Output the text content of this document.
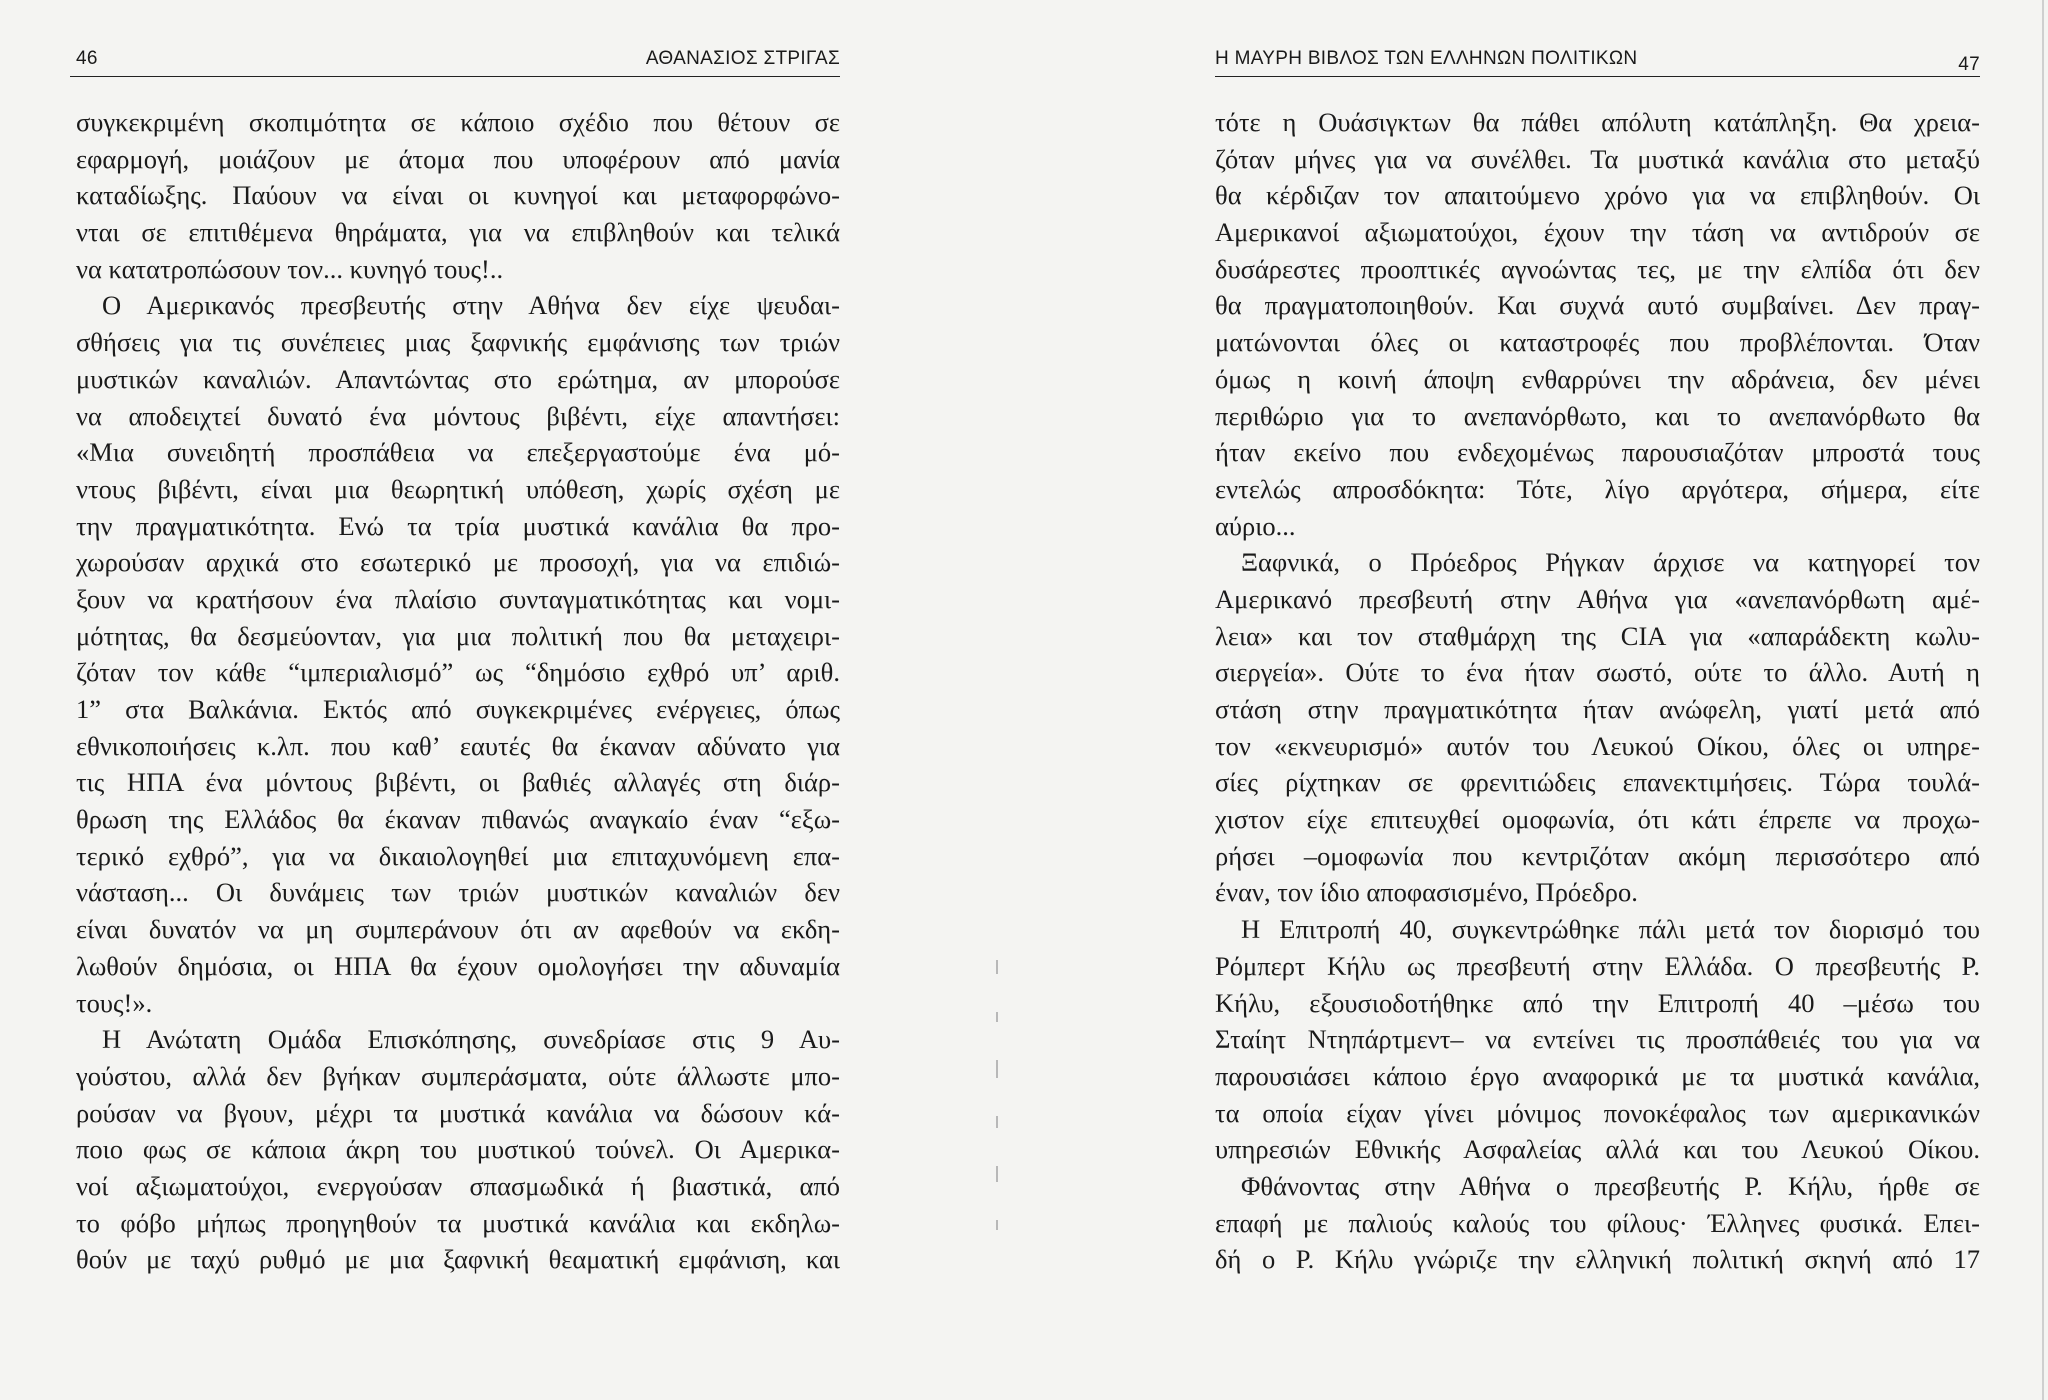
46	ΑΘΑΝΑΣΙΟΣ ΣΤΡΙΓΑΣ
συγκεκριμένη σκοπιμότητα σε κάποιο σχέδιο που θέτουν σε
εφαρμογή, μοιάζουν με άτομα που υποφέρουν από μανία
καταδίωξης. Παύουν να είναι οι κυνηγοί και μεταφορφώνο-
νται σε επιτιθέμενα θηράματα, για να επιβληθούν και τελικά
να κατατροπώσουν τον... κυνηγό τους!..
Ο Αμερικανός πρεσβευτής στην Αθήνα δεν είχε ψευδαι-
σθήσεις για τις συνέπειες μιας ξαφνικής εμφάνισης των τριών
μυστικών καναλιών. Απαντώντας στο ερώτημα, αν μπορούσε
να αποδειχτεί δυνατό ένα μόντους βιβέντι, είχε απαντήσει:
«Μια συνειδητή προσπάθεια να επεξεργαστούμε ένα μό-
ντους βιβέντι, είναι μια θεωρητική υπόθεση, χωρίς σχέση με
την πραγματικότητα. Ενώ τα τρία μυστικά κανάλια θα προ-
χωρούσαν αρχικά στο εσωτερικό με προσοχή, για να επιδιώ-
ξουν να κρατήσουν ένα πλαίσιο συνταγματικότητας και νομι-
μότητας, θα δεσμεύονταν, για μια πολιτική που θα μεταχειρι-
ζόταν τον κάθε “ιμπεριαλισμό” ως “δημόσιο εχθρό υπ’ αριθ.
1” στα Βαλκάνια. Εκτός από συγκεκριμένες ενέργειες, όπως
εθνικοποιήσεις κ.λπ. που καθ’ εαυτές θα έκαναν αδύνατο για
τις ΗΠΑ ένα μόντους βιβέντι, οι βαθιές αλλαγές στη διάρ-
θρωση της Ελλάδος θα έκαναν πιθανώς αναγκαίο έναν “εξω-
τερικό εχθρό”, για να δικαιολογηθεί μια επιταχυνόμενη επα-
νάσταση... Οι δυνάμεις των τριών μυστικών καναλιών δεν
είναι δυνατόν να μη συμπεράνουν ότι αν αφεθούν να εκδη-
λωθούν δημόσια, οι ΗΠΑ θα έχουν ομολογήσει την αδυναμία
τους!».
Η Ανώτατη Ομάδα Επισκόπησης, συνεδρίασε στις 9 Αυ-
γούστου, αλλά δεν βγήκαν συμπεράσματα, ούτε άλλωστε μπο-
ρούσαν να βγουν, μέχρι τα μυστικά κανάλια να δώσουν κά-
ποιο φως σε κάποια άκρη του μυστικού τούνελ. Οι Αμερικα-
νοί αξιωματούχοι, ενεργούσαν σπασμωδικά ή βιαστικά, από
το φόβο μήπως προηγηθούν τα μυστικά κανάλια και εκδηλω-
θούν με ταχύ ρυθμό με μια ξαφνική θεαματική εμφάνιση, και
Η ΜΑΥΡΗ ΒΙΒΛΟΣ ΤΩΝ ΕΛΛΗΝΩΝ ΠΟΛΙΤΙΚΩΝ	47
τότε η Ουάσιγκτων θα πάθει απόλυτη κατάπληξη. Θα χρεια-
ζόταν μήνες για να συνέλθει. Τα μυστικά κανάλια στο μεταξύ
θα κέρδιζαν τον απαιτούμενο χρόνο για να επιβληθούν. Οι
Αμερικανοί αξιωματούχοι, έχουν την τάση να αντιδρούν σε
δυσάρεστες προοπτικές αγνοώντας τες, με την ελπίδα ότι δεν
θα πραγματοποιηθούν. Και συχνά αυτό συμβαίνει. Δεν πραγ-
ματώνονται όλες οι καταστροφές που προβλέπονται. Όταν
όμως η κοινή άποψη ενθαρρύνει την αδράνεια, δεν μένει
περιθώριο για το ανεπανόρθωτο, και το ανεπανόρθωτο θα
ήταν εκείνο που ενδεχομένως παρουσιαζόταν μπροστά τους
εντελώς απροσδόκητα: Τότε, λίγο αργότερα, σήμερα, είτε
αύριο...
Ξαφνικά, ο Πρόεδρος Ρήγκαν άρχισε να κατηγορεί τον
Αμερικανό πρεσβευτή στην Αθήνα για «ανεπανόρθωτη αμέ-
λεια» και τον σταθμάρχη της CIA για «απαράδεκτη κωλυ-
σιεργεία». Ούτε το ένα ήταν σωστό, ούτε το άλλο. Αυτή η
στάση στην πραγματικότητα ήταν ανώφελη, γιατί μετά από
τον «εκνευρισμό» αυτόν του Λευκού Οίκου, όλες οι υπηρε-
σίες ρίχτηκαν σε φρενιτιώδεις επανεκτιμήσεις. Τώρα τουλά-
χιστον είχε επιτευχθεί ομοφωνία, ότι κάτι έπρεπε να προχω-
ρήσει –ομοφωνία που κεντριζόταν ακόμη περισσότερο από
έναν, τον ίδιο αποφασισμένο, Πρόεδρο.
Η Επιτροπή 40, συγκεντρώθηκε πάλι μετά τον διορισμό του
Ρόμπερτ Κήλυ ως πρεσβευτή στην Ελλάδα. Ο πρεσβευτής Ρ.
Κήλυ, εξουσιοδοτήθηκε από την Επιτροπή 40 –μέσω του
Σταίητ Ντηπάρτμεντ– να εντείνει τις προσπάθειές του για να
παρουσιάσει κάποιο έργο αναφορικά με τα μυστικά κανάλια,
τα οποία είχαν γίνει μόνιμος πονοκέφαλος των αμερικανικών
υπηρεσιών Εθνικής Ασφαλείας αλλά και του Λευκού Οίκου.
Φθάνοντας στην Αθήνα ο πρεσβευτής Ρ. Κήλυ, ήρθε σε
επαφή με παλιούς καλούς του φίλους· Έλληνες φυσικά. Επει-
δή ο Ρ. Κήλυ γνώριζε την ελληνική πολιτική σκηνή από 17
